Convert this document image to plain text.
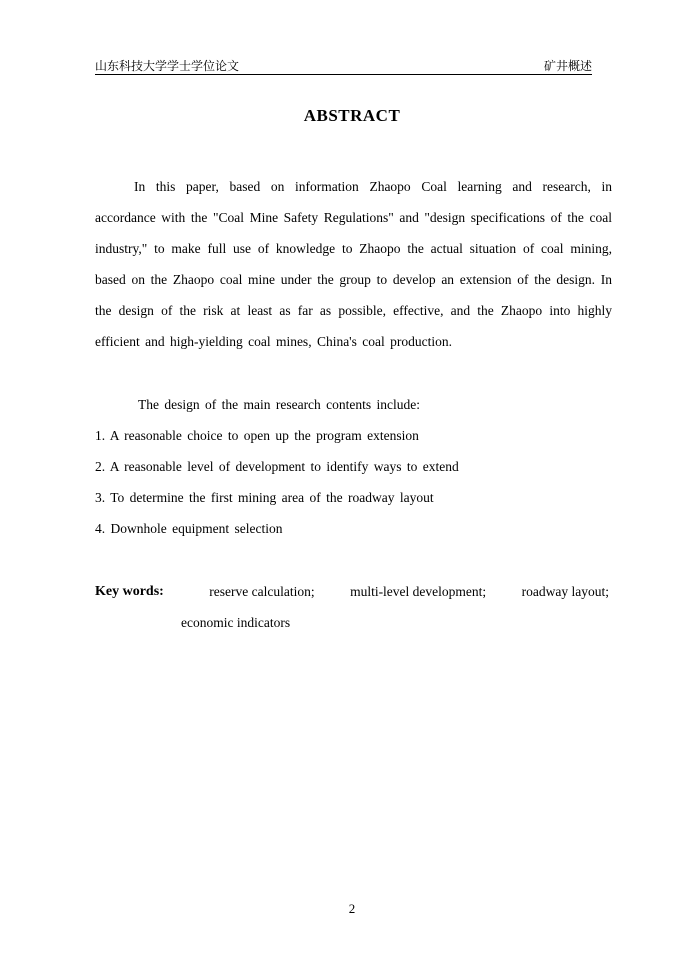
山东科技大学学士学位论文	矿井概述
ABSTRACT

In this paper, based on information Zhaopo Coal learning and research, in accordance with the "Coal Mine Safety Regulations" and "design specifications of the coal industry," to make full use of knowledge to Zhaopo the actual situation of coal mining, based on the Zhaopo coal mine under the group to develop an extension of the design. In the design of the risk at least as far as possible, effective, and the Zhaopo into highly efficient and high-yielding coal mines, China's coal production.

The design of the main research contents include:

1. A reasonable choice to open up the program extension
2. A reasonable level of development to identify ways to extend
3. To determine the first mining area of the roadway layout
4. Downhole equipment selection
Key words:	reserve calculation;	multi-level development;	roadway layout;
economic indicators
2
